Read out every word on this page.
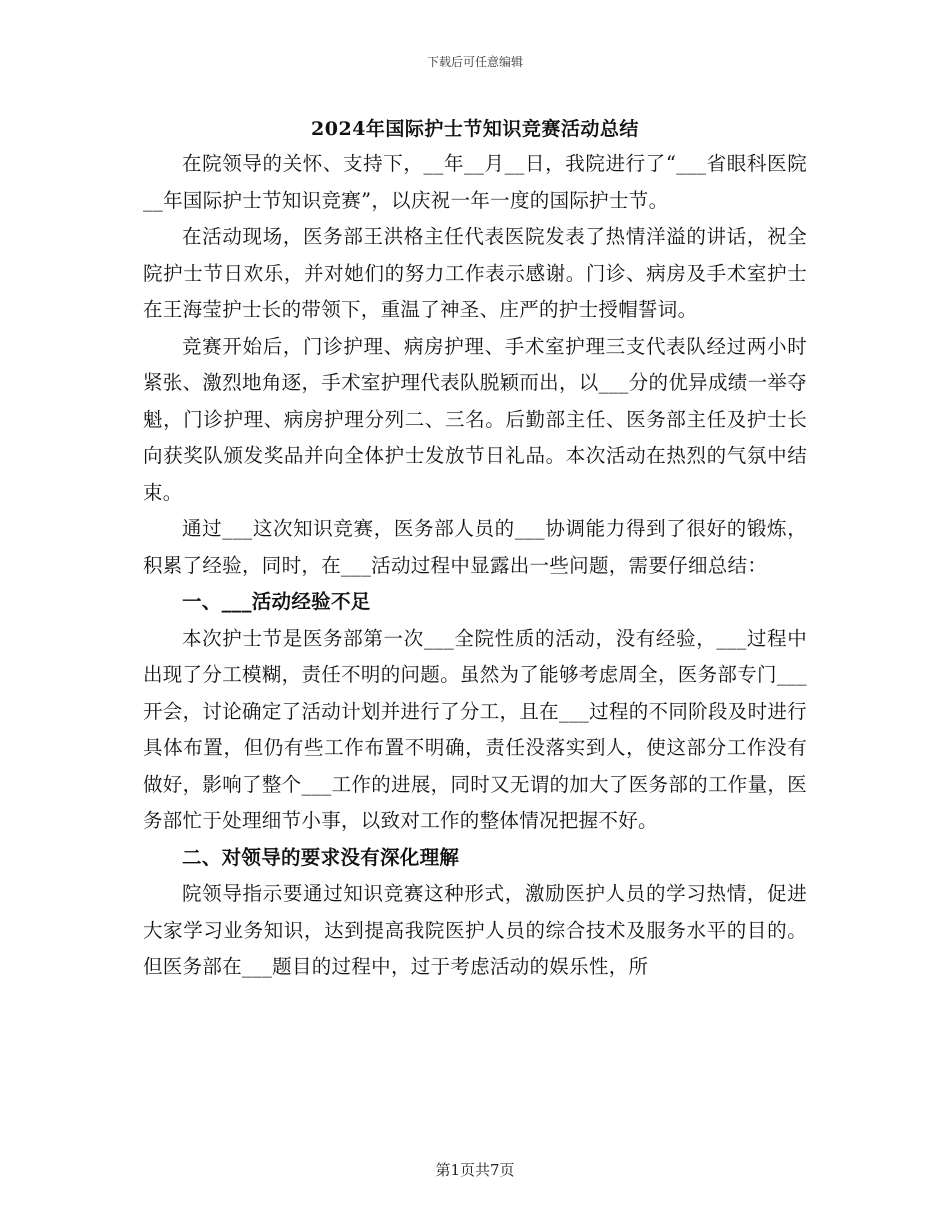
下载后可任意编辑
2024年国际护士节知识竞赛活动总结

在院领导的关怀、支持下，__年__月__日，我院进行了“___省眼科医院__年国际护士节知识竞赛”，以庆祝一年一度的国际护士节。

在活动现场，医务部王洪格主任代表医院发表了热情洋溢的讲话，祝全院护士节日欢乐，并对她们的努力工作表示感谢。门诊、病房及手术室护士在王海莹护士长的带领下，重温了神圣、庄严的护士授帽誓词。

竞赛开始后，门诊护理、病房护理、手术室护理三支代表队经过两小时紧张、激烈地角逐，手术室护理代表队脱颖而出，以___分的优异成绩一举夺魁，门诊护理、病房护理分列二、三名。后勤部主任、医务部主任及护士长向获奖队颁发奖品并向全体护士发放节日礼品。本次活动在热烈的气氛中结束。

通过___这次知识竞赛，医务部人员的___协调能力得到了很好的锻炼，积累了经验，同时，在___活动过程中显露出一些问题，需要仔细总结：

一、___活动经验不足

本次护士节是医务部第一次___全院性质的活动，没有经验，___过程中出现了分工模糊，责任不明的问题。虽然为了能够考虑周全，医务部专门___开会，讨论确定了活动计划并进行了分工，且在___过程的不同阶段及时进行具体布置，但仍有些工作布置不明确，责任没落实到人，使这部分工作没有做好，影响了整个___工作的进展，同时又无谓的加大了医务部的工作量，医务部忙于处理细节小事，以致对工作的整体情况把握不好。

二、对领导的要求没有深化理解

院领导指示要通过知识竞赛这种形式，激励医护人员的学习热情，促进大家学习业务知识，达到提高我院医护人员的综合技术及服务水平的目的。但医务部在___题目的过程中，过于考虑活动的娱乐性，所

第1页共7页
